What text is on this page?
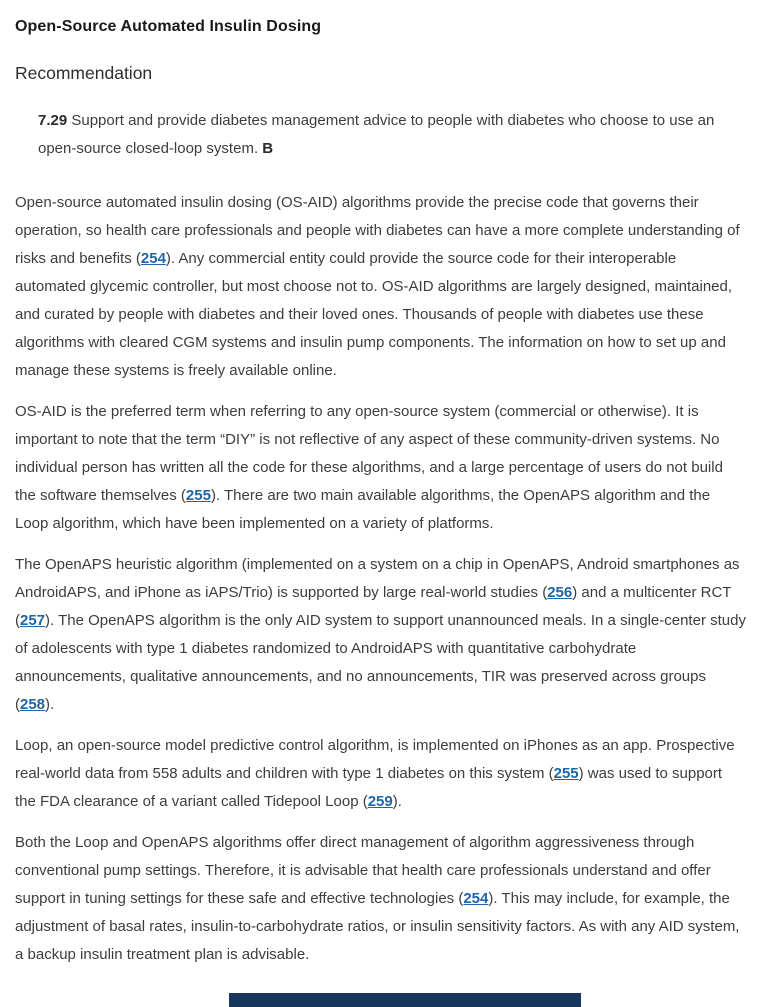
Open-Source Automated Insulin Dosing
Recommendation
7.29 Support and provide diabetes management advice to people with diabetes who choose to use an open-source closed-loop system. B

Open-source automated insulin dosing (OS-AID) algorithms provide the precise code that governs their operation, so health care professionals and people with diabetes can have a more complete understanding of risks and benefits (254). Any commercial entity could provide the source code for their interoperable automated glycemic controller, but most choose not to. OS-AID algorithms are largely designed, maintained, and curated by people with diabetes and their loved ones. Thousands of people with diabetes use these algorithms with cleared CGM systems and insulin pump components. The information on how to set up and manage these systems is freely available online.

OS-AID is the preferred term when referring to any open-source system (commercial or otherwise). It is important to note that the term “DIY” is not reflective of any aspect of these community-driven systems. No individual person has written all the code for these algorithms, and a large percentage of users do not build the software themselves (255). There are two main available algorithms, the OpenAPS algorithm and the Loop algorithm, which have been implemented on a variety of platforms.

The OpenAPS heuristic algorithm (implemented on a system on a chip in OpenAPS, Android smartphones as AndroidAPS, and iPhone as iAPS/Trio) is supported by large real-world studies (256) and a multicenter RCT (257). The OpenAPS algorithm is the only AID system to support unannounced meals. In a single-center study of adolescents with type 1 diabetes randomized to AndroidAPS with quantitative carbohydrate announcements, qualitative announcements, and no announcements, TIR was preserved across groups (258).

Loop, an open-source model predictive control algorithm, is implemented on iPhones as an app. Prospective real-world data from 558 adults and children with type 1 diabetes on this system (255) was used to support the FDA clearance of a variant called Tidepool Loop (259).

Both the Loop and OpenAPS algorithms offer direct management of algorithm aggressiveness through conventional pump settings. Therefore, it is advisable that health care professionals understand and offer support in tuning settings for these safe and effective technologies (254). This may include, for example, the adjustment of basal rates, insulin-to-carbohydrate ratios, or insulin sensitivity factors. As with any AID system, a backup insulin treatment plan is advisable.
